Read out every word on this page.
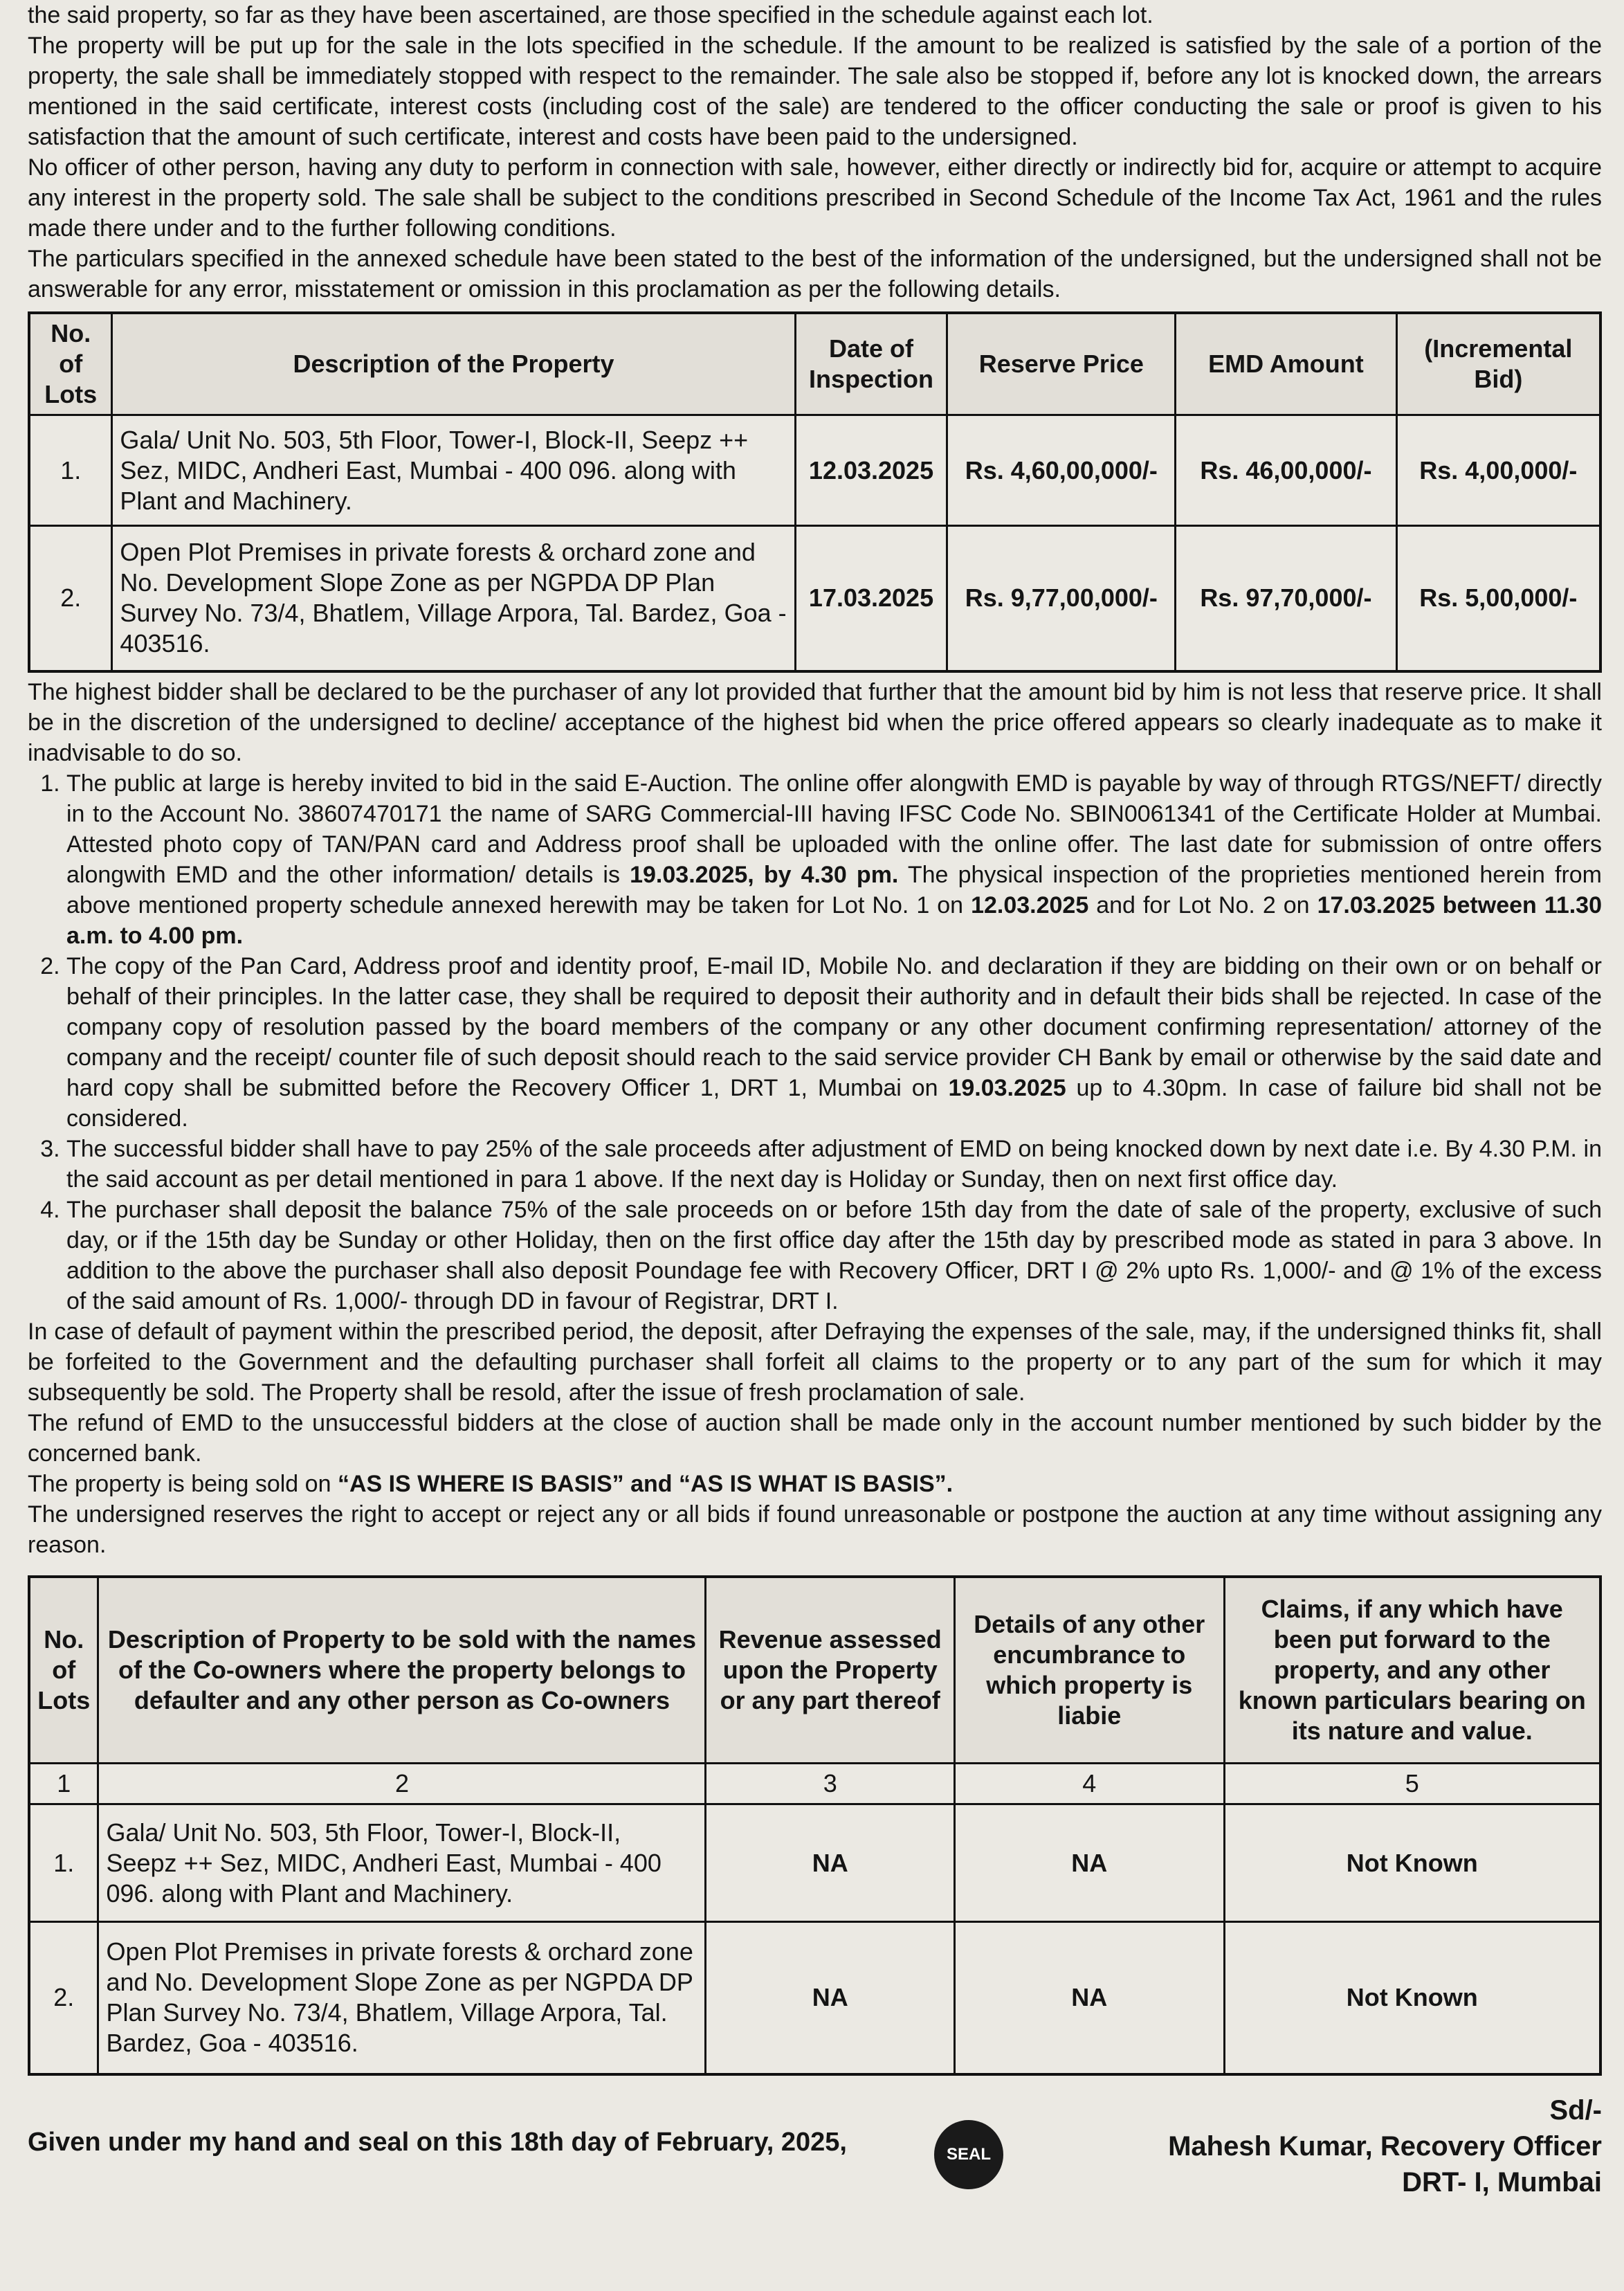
the said property, so far as they have been ascertained, are those specified in the schedule against each lot.

The property will be put up for the sale in the lots specified in the schedule. If the amount to be realized is satisfied by the sale of a portion of the property, the sale shall be immediately stopped with respect to the remainder. The sale also be stopped if, before any lot is knocked down, the arrears mentioned in the said certificate, interest costs (including cost of the sale) are tendered to the officer conducting the sale or proof is given to his satisfaction that the amount of such certificate, interest and costs have been paid to the undersigned.

No officer of other person, having any duty to perform in connection with sale, however, either directly or indirectly bid for, acquire or attempt to acquire any interest in the property sold. The sale shall be subject to the conditions prescribed in Second Schedule of the Income Tax Act, 1961 and the rules made there under and to the further following conditions.

The particulars specified in the annexed schedule have been stated to the best of the information of the undersigned, but the undersigned shall not be answerable for any error, misstatement or omission in this proclamation as per the following details.

No. of Lots	Description of the Property	Date of Inspection	Reserve Price	EMD Amount	(Incremental Bid)
1.	Gala/ Unit No. 503, 5th Floor, Tower-I, Block-II, Seepz ++ Sez, MIDC, Andheri East, Mumbai - 400 096. along with Plant and Machinery.	12.03.2025	Rs. 4,60,00,000/-	Rs. 46,00,000/-	Rs. 4,00,000/-
2.	Open Plot Premises in private forests & orchard zone and No. Development Slope Zone as per NGPDA DP Plan Survey No. 73/4, Bhatlem, Village Arpora, Tal. Bardez, Goa - 403516.	17.03.2025	Rs. 9,77,00,000/-	Rs. 97,70,000/-	Rs. 5,00,000/-

The highest bidder shall be declared to be the purchaser of any lot provided that further that the amount bid by him is not less that reserve price. It shall be in the discretion of the undersigned to decline/ acceptance of the highest bid when the price offered appears so clearly inadequate as to make it inadvisable to do so.

1. The public at large is hereby invited to bid in the said E-Auction. The online offer alongwith EMD is payable by way of through RTGS/NEFT/ directly in to the Account No. 38607470171 the name of SARG Commercial-III having IFSC Code No. SBIN0061341 of the Certificate Holder at Mumbai. Attested photo copy of TAN/PAN card and Address proof shall be uploaded with the online offer. The last date for submission of ontre offers alongwith EMD and the other information/ details is 19.03.2025, by 4.30 pm. The physical inspection of the proprieties mentioned herein from above mentioned property schedule annexed herewith may be taken for Lot No. 1 on 12.03.2025 and for Lot No. 2 on 17.03.2025 between 11.30 a.m. to 4.00 pm.
2. The copy of the Pan Card, Address proof and identity proof, E-mail ID, Mobile No. and declaration if they are bidding on their own or on behalf or behalf of their principles. In the latter case, they shall be required to deposit their authority and in default their bids shall be rejected. In case of the company copy of resolution passed by the board members of the company or any other document confirming representation/ attorney of the company and the receipt/ counter file of such deposit should reach to the said service provider CH Bank by email or otherwise by the said date and hard copy shall be submitted before the Recovery Officer 1, DRT 1, Mumbai on 19.03.2025 up to 4.30pm. In case of failure bid shall not be considered.
3. The successful bidder shall have to pay 25% of the sale proceeds after adjustment of EMD on being knocked down by next date i.e. By 4.30 P.M. in the said account as per detail mentioned in para 1 above. If the next day is Holiday or Sunday, then on next first office day.
4. The purchaser shall deposit the balance 75% of the sale proceeds on or before 15th day from the date of sale of the property, exclusive of such day, or if the 15th day be Sunday or other Holiday, then on the first office day after the 15th day by prescribed mode as stated in para 3 above. In addition to the above the purchaser shall also deposit Poundage fee with Recovery Officer, DRT I @ 2% upto Rs. 1,000/- and @ 1% of the excess of the said amount of Rs. 1,000/- through DD in favour of Registrar, DRT I.

In case of default of payment within the prescribed period, the deposit, after Defraying the expenses of the sale, may, if the undersigned thinks fit, shall be forfeited to the Government and the defaulting purchaser shall forfeit all claims to the property or to any part of the sum for which it may subsequently be sold. The Property shall be resold, after the issue of fresh proclamation of sale.

The refund of EMD to the unsuccessful bidders at the close of auction shall be made only in the account number mentioned by such bidder by the concerned bank.

The property is being sold on “AS IS WHERE IS BASIS” and “AS IS WHAT IS BASIS”.

The undersigned reserves the right to accept or reject any or all bids if found unreasonable or postpone the auction at any time without assigning any reason.

No. of Lots	Description of Property to be sold with the names of the Co-owners where the property belongs to defaulter and any other person as Co-owners	Revenue assessed upon the Property or any part thereof	Details of any other encumbrance to which property is liabie	Claims, if any which have been put forward to the property, and any other known particulars bearing on its nature and value.
1	2	3	4	5
1.	Gala/ Unit No. 503, 5th Floor, Tower-I, Block-II, Seepz ++ Sez, MIDC, Andheri East, Mumbai - 400 096. along with Plant and Machinery.	NA	NA	Not Known
2.	Open Plot Premises in private forests & orchard zone and No. Development Slope Zone as per NGPDA DP Plan Survey No. 73/4, Bhatlem, Village Arpora, Tal. Bardez, Goa - 403516.	NA	NA	Not Known
Given under my hand and seal on this 18th day of February, 2025,	SEAL
Sd/-
Mahesh Kumar, Recovery Officer
DRT- I, Mumbai
